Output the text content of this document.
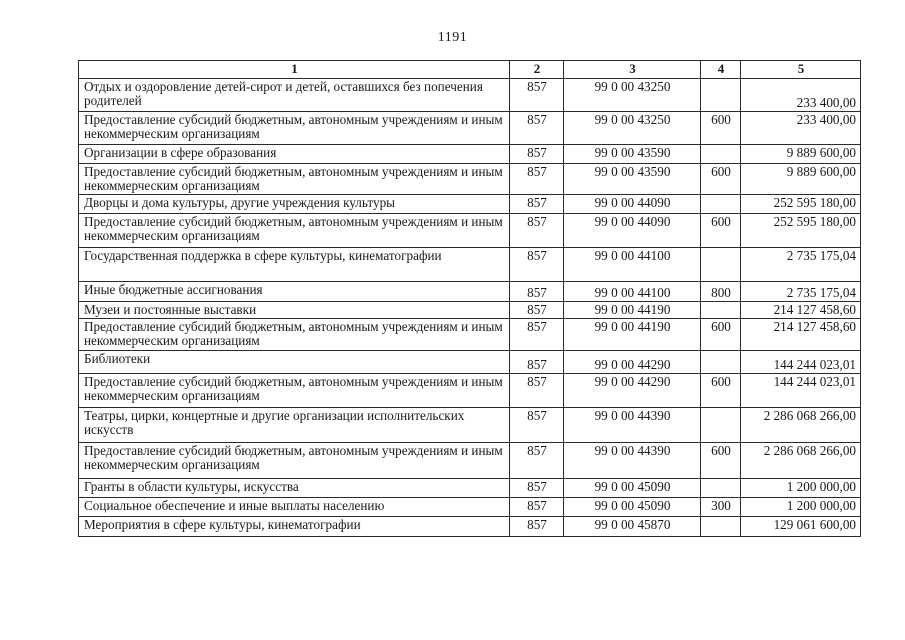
1191
1	2	3	4	5
Отдых и оздоровление детей-сирот и детей, оставшихся без попечения родителей	857	99 0 00 43250		233 400,00
Предоставление субсидий бюджетным, автономным учреждениям и иным некоммерческим организациям	857	99 0 00 43250	600	233 400,00
Организации в сфере образования	857	99 0 00 43590		9 889 600,00
Предоставление субсидий бюджетным, автономным учреждениям и иным некоммерческим организациям	857	99 0 00 43590	600	9 889 600,00
Дворцы и дома культуры, другие учреждения культуры	857	99 0 00 44090		252 595 180,00
Предоставление субсидий бюджетным, автономным учреждениям и иным некоммерческим организациям	857	99 0 00 44090	600	252 595 180,00
Государственная поддержка в сфере культуры, кинематографии	857	99 0 00 44100		2 735 175,04
Иные бюджетные ассигнования	857	99 0 00 44100	800	2 735 175,04
Музеи и постоянные выставки	857	99 0 00 44190		214 127 458,60
Предоставление субсидий бюджетным, автономным учреждениям и иным некоммерческим организациям	857	99 0 00 44190	600	214 127 458,60
Библиотеки	857	99 0 00 44290		144 244 023,01
Предоставление субсидий бюджетным, автономным учреждениям и иным некоммерческим организациям	857	99 0 00 44290	600	144 244 023,01
Театры, цирки, концертные и другие организации исполнительских искусств	857	99 0 00 44390		2 286 068 266,00
Предоставление субсидий бюджетным, автономным учреждениям и иным некоммерческим организациям	857	99 0 00 44390	600	2 286 068 266,00
Гранты в области культуры, искусства	857	99 0 00 45090		1 200 000,00
Социальное обеспечение и иные выплаты населению	857	99 0 00 45090	300	1 200 000,00
Мероприятия в сфере культуры, кинематографии	857	99 0 00 45870		129 061 600,00
